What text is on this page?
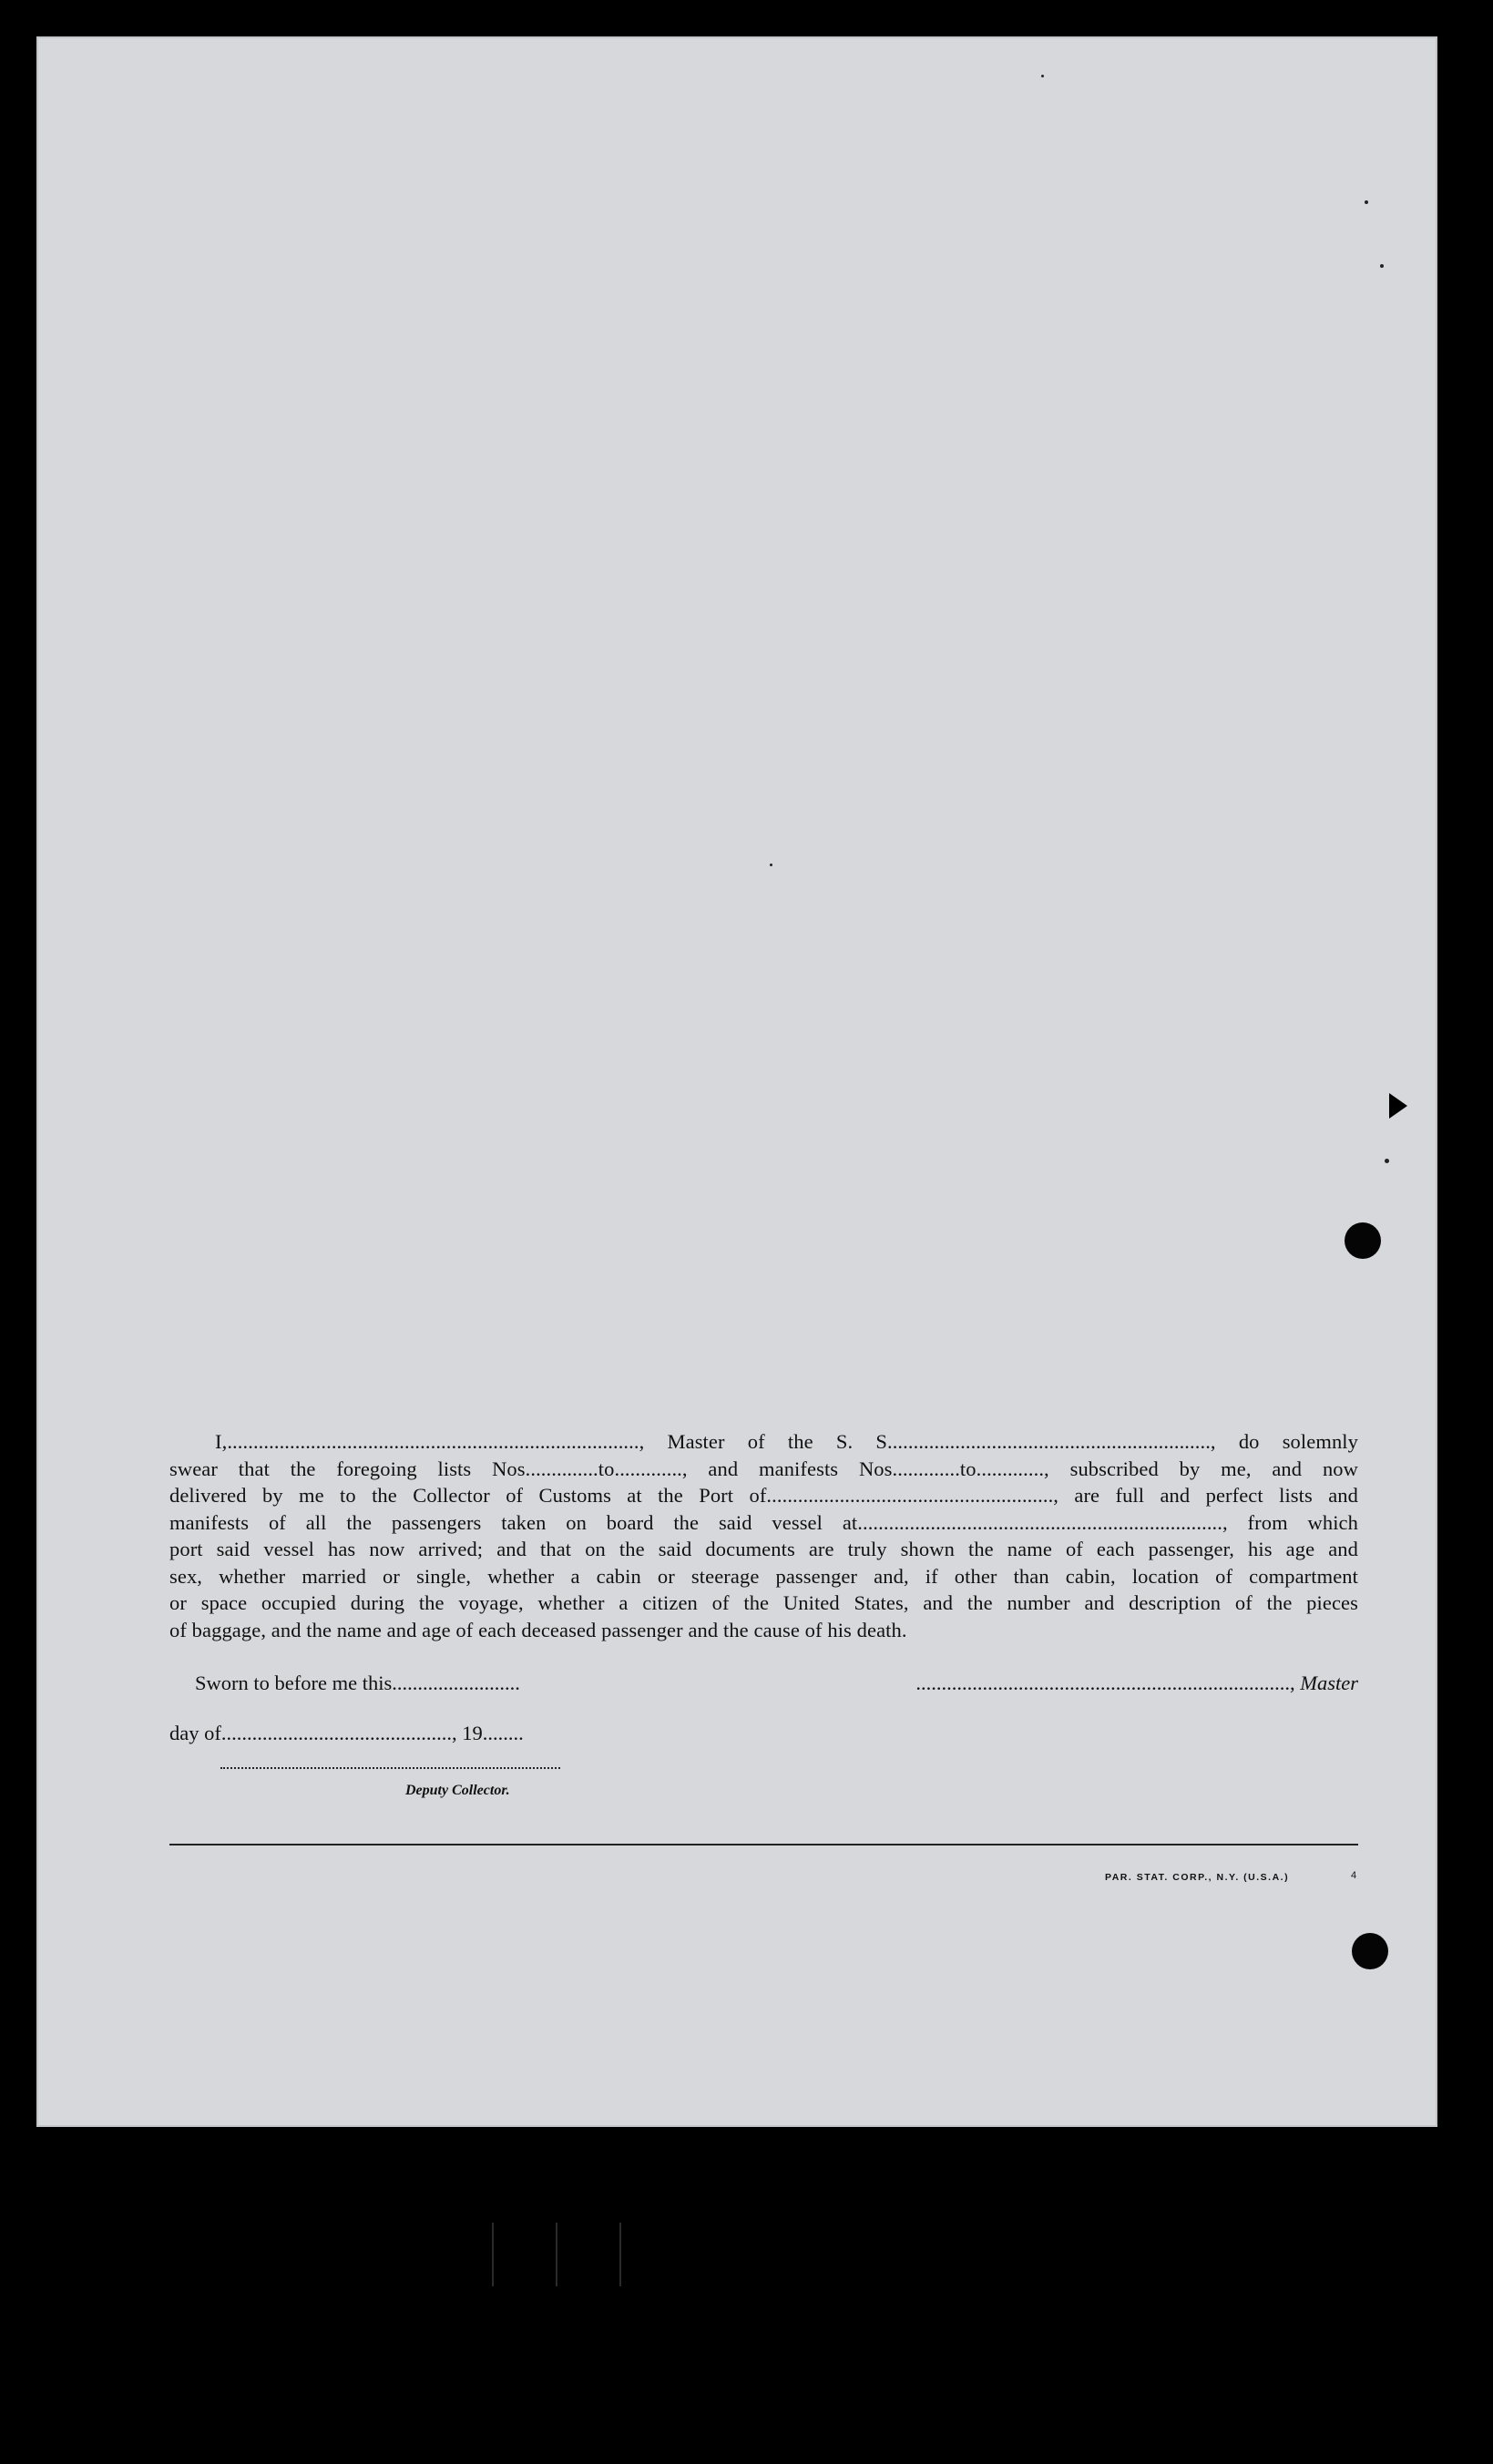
I,..............................................................................., Master of the S. S.............................................................., do solemnly
swear that the foregoing lists Nos..............to............., and manifests Nos.............to............., subscribed by me, and now
delivered by me to the Collector of Customs at the Port of......................................................., are full and perfect lists and
manifests of all the passengers taken on board the said vessel at......................................................................, from which
port said vessel has now arrived; and that on the said documents are truly shown the name of each passenger, his age and
sex, whether married or single, whether a cabin or steerage passenger and, if other than cabin, location of compartment
or space occupied during the voyage, whether a citizen of the United States, and the number and description of the pieces
of baggage, and the name and age of each deceased passenger and the cause of his death.
Sworn to before me this.........................	........................................................................., Master
day of............................................., 19........
Deputy Collector.
PAR. STAT. CORP., N.Y. (U.S.A.)	4
